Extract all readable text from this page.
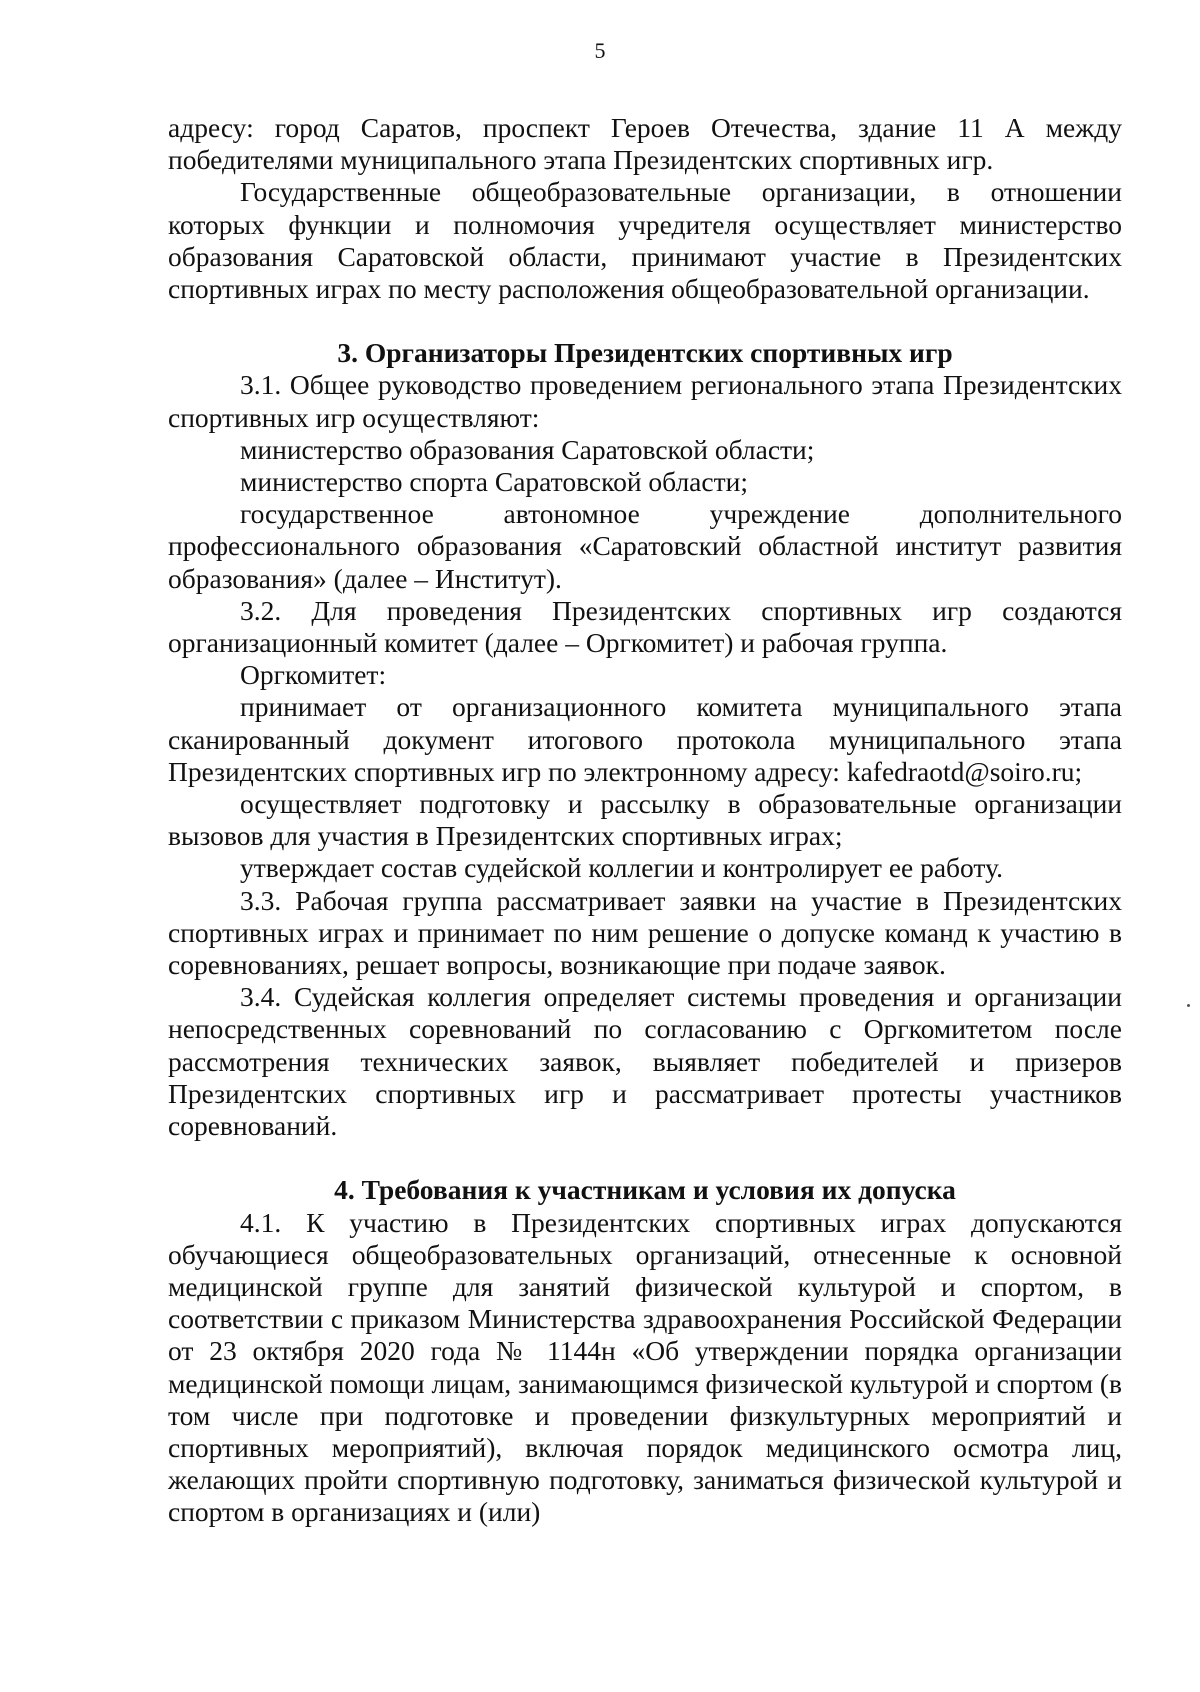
5

адресу: город Саратов, проспект Героев Отечества, здание 11 А между победителями муниципального этапа Президентских спортивных игр.

Государственные общеобразовательные организации, в отношении которых функции и полномочия учредителя осуществляет министерство образования Саратовской области, принимают участие в Президентских спортивных играх по месту расположения общеобразовательной организации.

3. Организаторы Президентских спортивных игр

3.1. Общее руководство проведением регионального этапа Президентских спортивных игр осуществляют:

министерство образования Саратовской области;

министерство спорта Саратовской области;

государственное автономное учреждение дополнительного профессионального образования «Саратовский областной институт развития образования» (далее – Институт).

3.2. Для проведения Президентских спортивных игр создаются организационный комитет (далее – Оргкомитет) и рабочая группа.

Оргкомитет:

принимает от организационного комитета муниципального этапа сканированный документ итогового протокола муниципального этапа Президентских спортивных игр по электронному адресу: kafedraotd@soiro.ru;

осуществляет подготовку и рассылку в образовательные организации вызовов для участия в Президентских спортивных играх;

утверждает состав судейской коллегии и контролирует ее работу.

3.3. Рабочая группа рассматривает заявки на участие в Президентских спортивных играх и принимает по ним решение о допуске команд к участию в соревнованиях, решает вопросы, возникающие при подаче заявок.

3.4. Судейская коллегия определяет системы проведения и организации непосредственных соревнований по согласованию с Оргкомитетом после рассмотрения технических заявок, выявляет победителей и призеров Президентских спортивных игр и рассматривает протесты участников соревнований.

4. Требования к участникам и условия их допуска

4.1. К участию в Президентских спортивных играх допускаются обучающиеся общеобразовательных организаций, отнесенные к основной медицинской группе для занятий физической культурой и спортом, в соответствии с приказом Министерства здравоохранения Российской Федерации от 23 октября 2020 года № 1144н «Об утверждении порядка организации медицинской помощи лицам, занимающимся физической культурой и спортом (в том числе при подготовке и проведении физкультурных мероприятий и спортивных мероприятий), включая порядок медицинского осмотра лиц, желающих пройти спортивную подготовку, заниматься физической культурой и спортом в организациях и (или)
